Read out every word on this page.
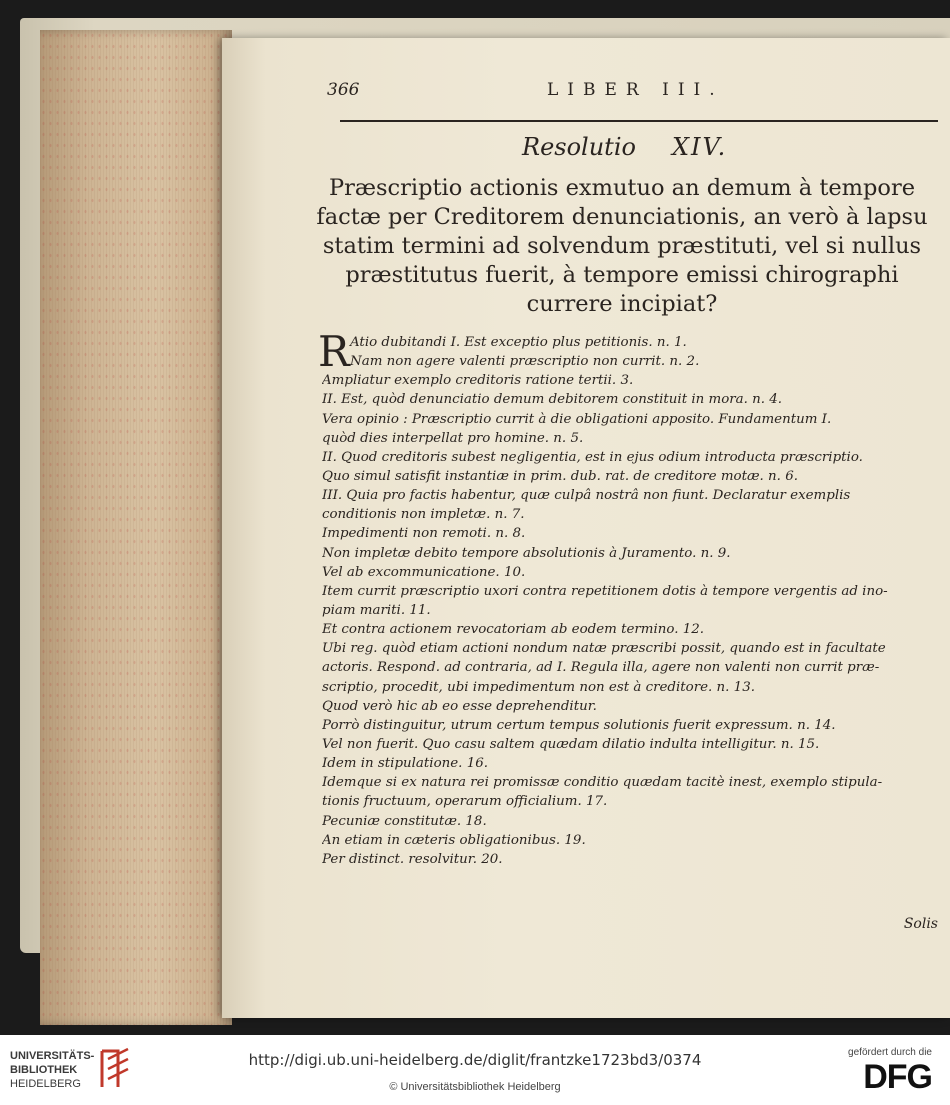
366	LIBER III.
Resolutio XIV.
Præscriptio actionis exmutuo an demum à tempore
factæ per Creditorem denunciationis, an verò à lapsu
statim termini ad solvendum præstituti, vel si nullus
præstitutus fuerit, à tempore emissi chirographi
currere incipiat?
R Atio dubitandi I. Est exceptio plus petitionis. n. 1.
Nam non agere valenti præscriptio non currit. n. 2.
Ampliatur exemplo creditoris ratione tertii. 3.
II. Est, quòd denunciatio demum debitorem constituit in mora. n. 4.
Vera opinio : Præscriptio currit à die obligationi apposito. Fundamentum I.
quòd dies interpellat pro homine. n. 5.
II. Quod creditoris subest negligentia, est in ejus odium introducta præscriptio.
Quo simul satisfit instantiæ in prim. dub. rat. de creditore motæ. n. 6.
III. Quia pro factis habentur, quæ culpâ nostrâ non fiunt. Declaratur exemplis
conditionis non impletæ. n. 7.
Impedimenti non remoti. n. 8.
Non impletæ debito tempore absolutionis à Juramento. n. 9.
Vel ab excommunicatione. 10.
Item currit præscriptio uxori contra repetitionem dotis à tempore vergentis ad ino-
piam mariti. 11.
Et contra actionem revocatoriam ab eodem termino. 12.
Ubi reg. quòd etiam actioni nondum natæ præscribi possit, quando est in facultate
actoris. Respond. ad contraria, ad I. Regula illa, agere non valenti non currit præ-
scriptio, procedit, ubi impedimentum non est à creditore. n. 13.
Quod verò hic ab eo esse deprehenditur.
Porrò distinguitur, utrum certum tempus solutionis fuerit expressum. n. 14.
Vel non fuerit. Quo casu saltem quædam dilatio indulta intelligitur. n. 15.
Idem in stipulatione. 16.
Idemque si ex natura rei promissæ conditio quædam tacitè inest, exemplo stipula-
tionis fructuum, operarum officialium. 17.
Pecuniæ constitutæ. 18.
An etiam in cæteris obligationibus. 19.
Per distinct. resolvitur. 20.
Solis
UNIVERSITÄTS-
BIBLIOTHEK
HEIDELBERG
http://digi.ub.uni-heidelberg.de/diglit/frantzke1723bd3/0374
© Universitätsbibliothek Heidelberg
gefördert durch die
DFG
